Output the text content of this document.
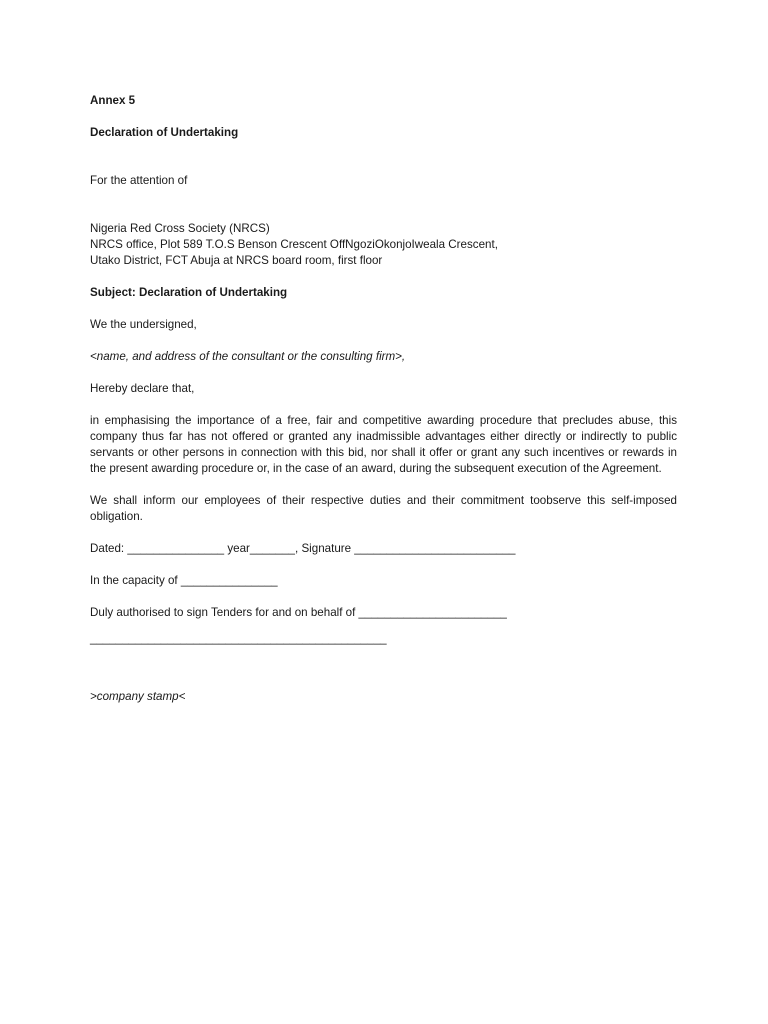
Annex 5

Declaration of Undertaking

For the attention of

Nigeria Red Cross Society (NRCS)
NRCS office, Plot 589 T.O.S Benson Crescent OffNgoziOkonjoIweala Crescent,
Utako District, FCT Abuja at NRCS board room, first floor

Subject: Declaration of Undertaking

We the undersigned,

<name, and address of the consultant or the consulting firm>,

Hereby declare that,

in emphasising the importance of a free, fair and competitive awarding procedure that precludes abuse, this company thus far has not offered or granted any inadmissible advantages either directly or indirectly to public servants or other persons in connection with this bid, nor shall it offer or grant any such incentives or rewards in the present awarding procedure or, in the case of an award, during the subsequent execution of the Agreement.

We shall inform our employees of their respective duties and their commitment toobserve this self-imposed obligation.

Dated: _______________ year_______, Signature _________________________

In the capacity of _______________

Duly authorised to sign Tenders for and on behalf of _______________________

______________________________________________

>company stamp<
